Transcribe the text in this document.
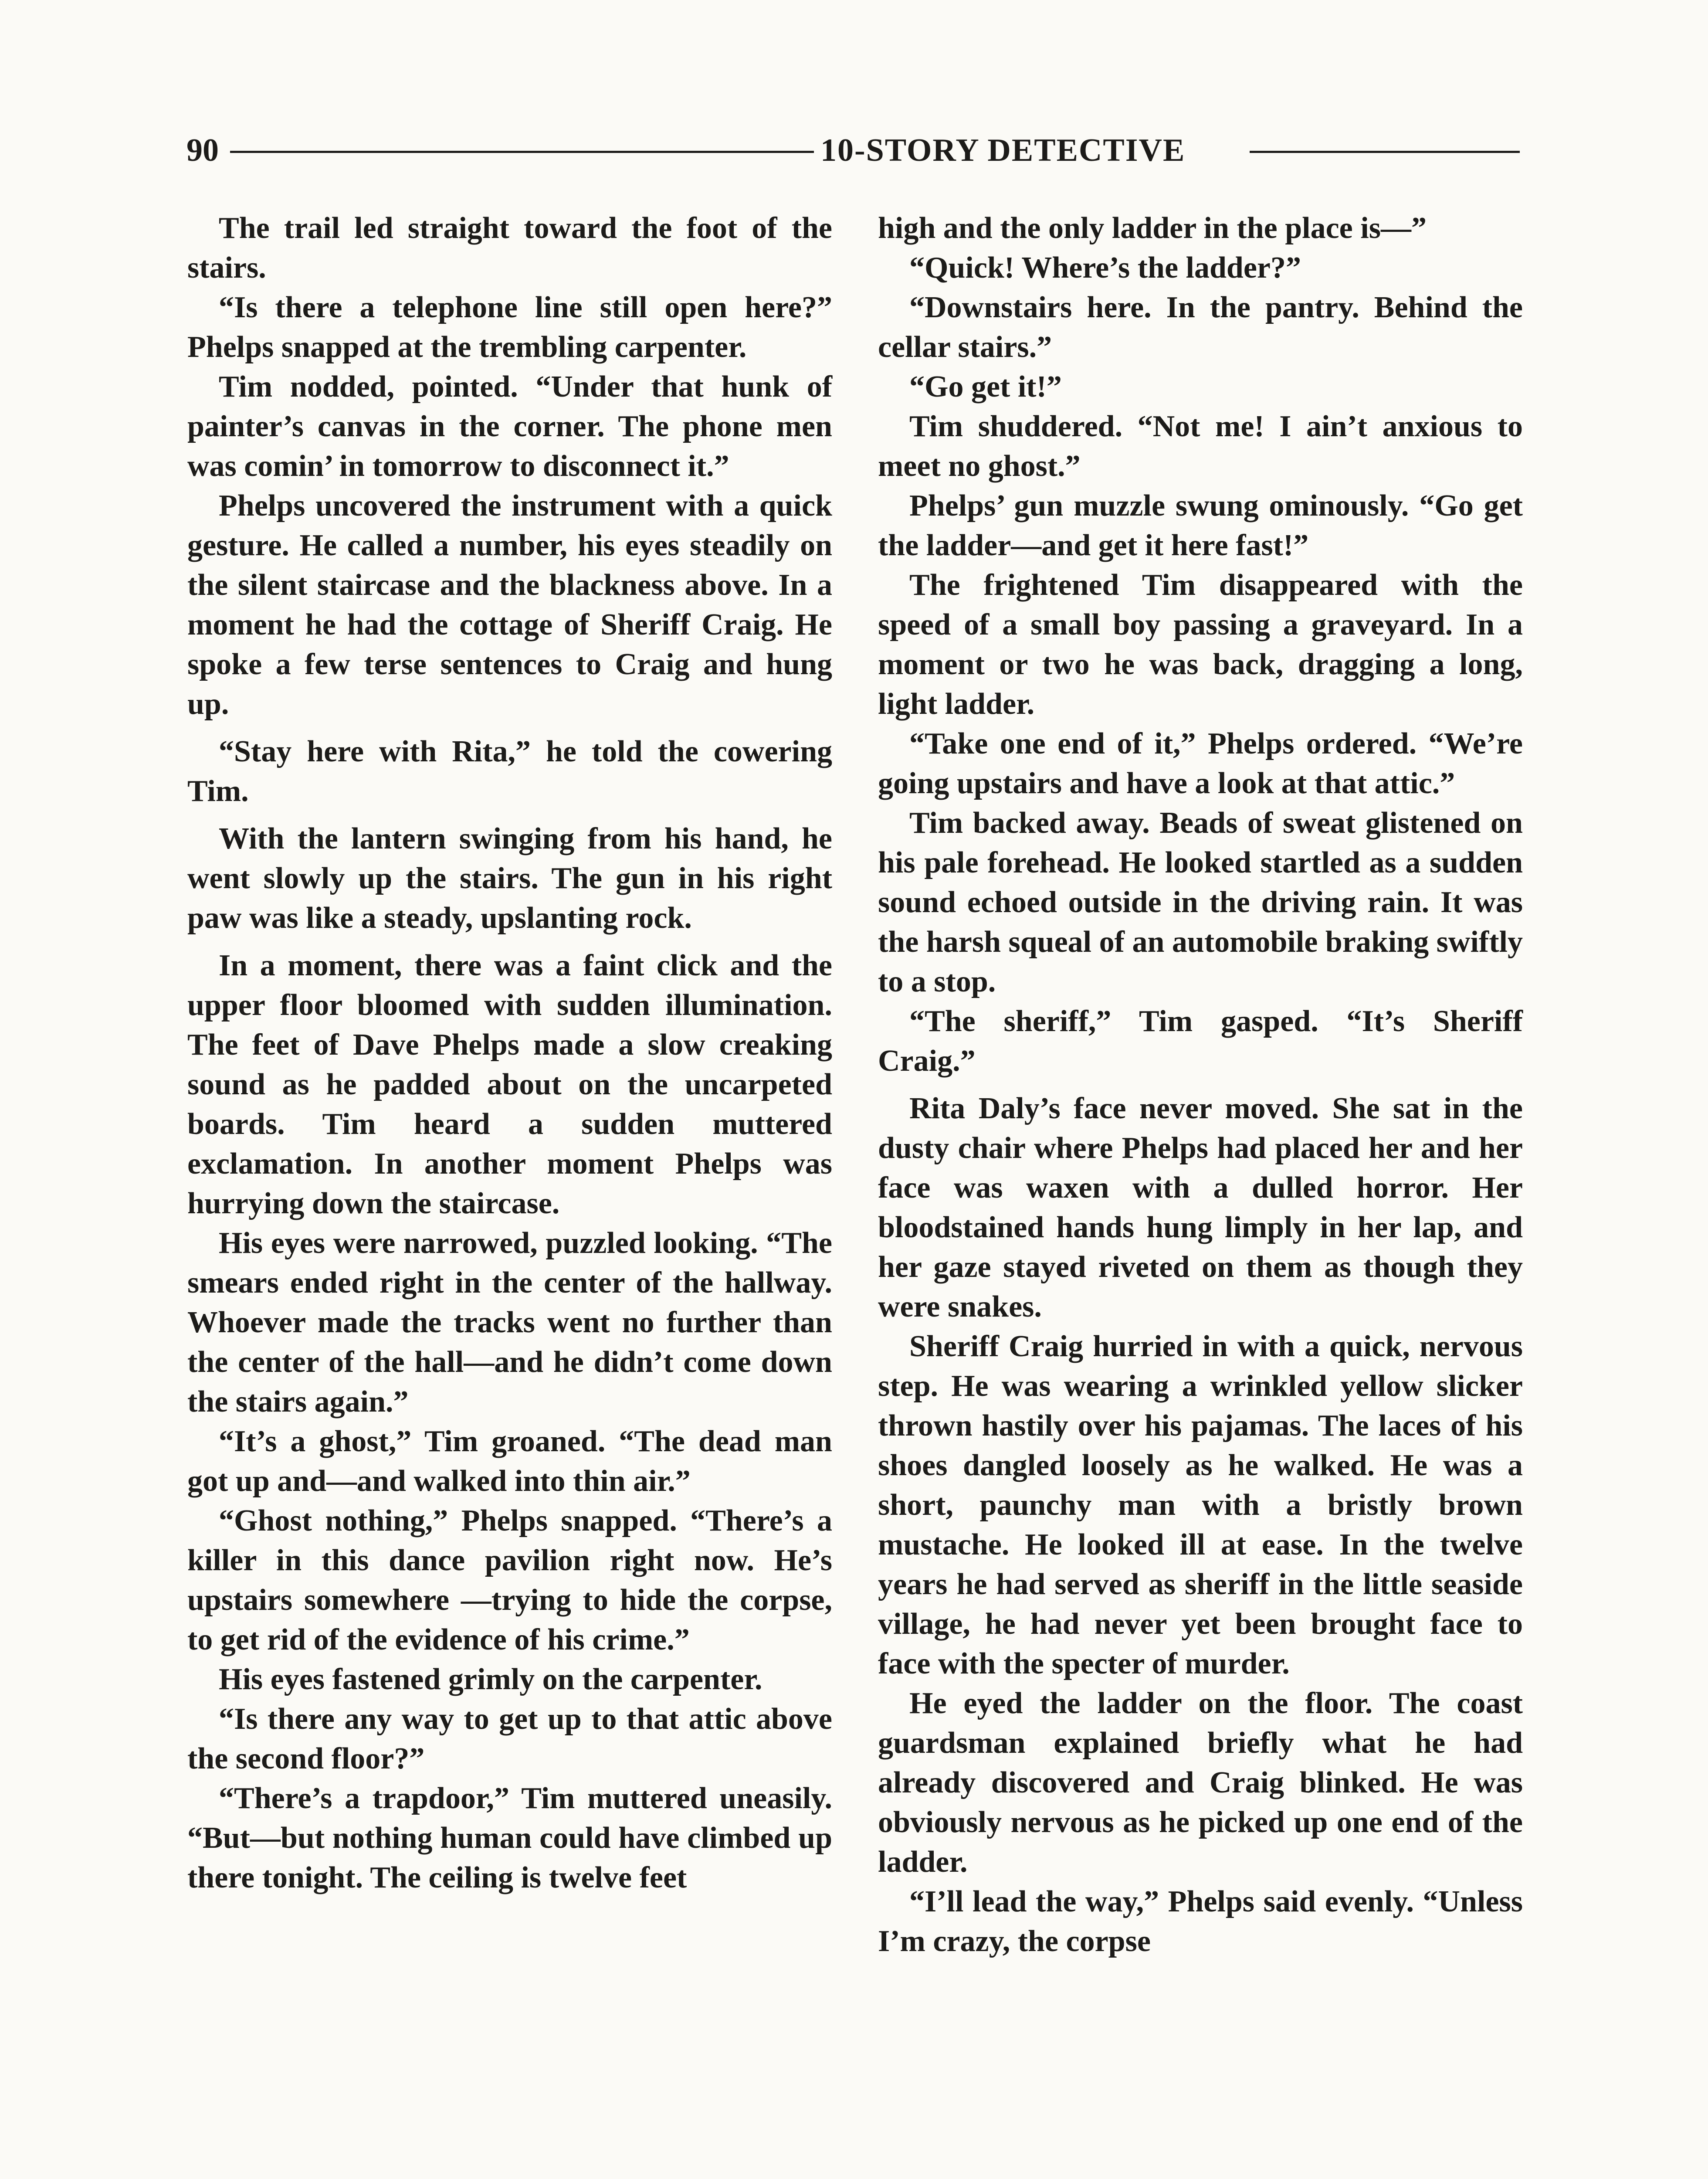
90	10-STORY DETECTIVE

The trail led straight toward the foot of the stairs.

“Is there a telephone line still open here?” Phelps snapped at the trembling carpenter.

Tim nodded, pointed. “Under that hunk of painter’s canvas in the corner. The phone men was comin’ in tomorrow to disconnect it.”

Phelps uncovered the instrument with a quick gesture. He called a number, his eyes steadily on the silent staircase and the blackness above. In a moment he had the cottage of Sheriff Craig. He spoke a few terse sentences to Craig and hung up.

“Stay here with Rita,” he told the cowering Tim.

With the lantern swinging from his hand, he went slowly up the stairs. The gun in his right paw was like a steady, upslanting rock.

In a moment, there was a faint click and the upper floor bloomed with sudden illumination. The feet of Dave Phelps made a slow creaking sound as he padded about on the uncarpeted boards. Tim heard a sudden muttered exclamation. In another moment Phelps was hurrying down the staircase.

His eyes were narrowed, puzzled looking. “The smears ended right in the center of the hallway. Whoever made the tracks went no further than the center of the hall—and he didn’t come down the stairs again.”

“It’s a ghost,” Tim groaned. “The dead man got up and—and walked into thin air.”

“Ghost nothing,” Phelps snapped. “There’s a killer in this dance pavilion right now. He’s upstairs somewhere —trying to hide the corpse, to get rid of the evidence of his crime.”

His eyes fastened grimly on the carpenter.

“Is there any way to get up to that attic above the second floor?”

“There’s a trapdoor,” Tim muttered uneasily. “But—but nothing human could have climbed up there tonight. The ceiling is twelve feet

high and the only ladder in the place is—”

“Quick! Where’s the ladder?”

“Downstairs here. In the pantry. Behind the cellar stairs.”

“Go get it!”

Tim shuddered. “Not me! I ain’t anxious to meet no ghost.”

Phelps’ gun muzzle swung ominously. “Go get the ladder—and get it here fast!”

The frightened Tim disappeared with the speed of a small boy passing a graveyard. In a moment or two he was back, dragging a long, light ladder.

“Take one end of it,” Phelps ordered. “We’re going upstairs and have a look at that attic.”

Tim backed away. Beads of sweat glistened on his pale forehead. He looked startled as a sudden sound echoed outside in the driving rain. It was the harsh squeal of an automobile braking swiftly to a stop.

“The sheriff,” Tim gasped. “It’s Sheriff Craig.”

Rita Daly’s face never moved. She sat in the dusty chair where Phelps had placed her and her face was waxen with a dulled horror. Her bloodstained hands hung limply in her lap, and her gaze stayed riveted on them as though they were snakes.

Sheriff Craig hurried in with a quick, nervous step. He was wearing a wrinkled yellow slicker thrown hastily over his pajamas. The laces of his shoes dangled loosely as he walked. He was a short, paunchy man with a bristly brown mustache. He looked ill at ease. In the twelve years he had served as sheriff in the little seaside village, he had never yet been brought face to face with the specter of murder.

He eyed the ladder on the floor. The coast guardsman explained briefly what he had already discovered and Craig blinked. He was obviously nervous as he picked up one end of the ladder.

“I’ll lead the way,” Phelps said evenly. “Unless I’m crazy, the corpse
